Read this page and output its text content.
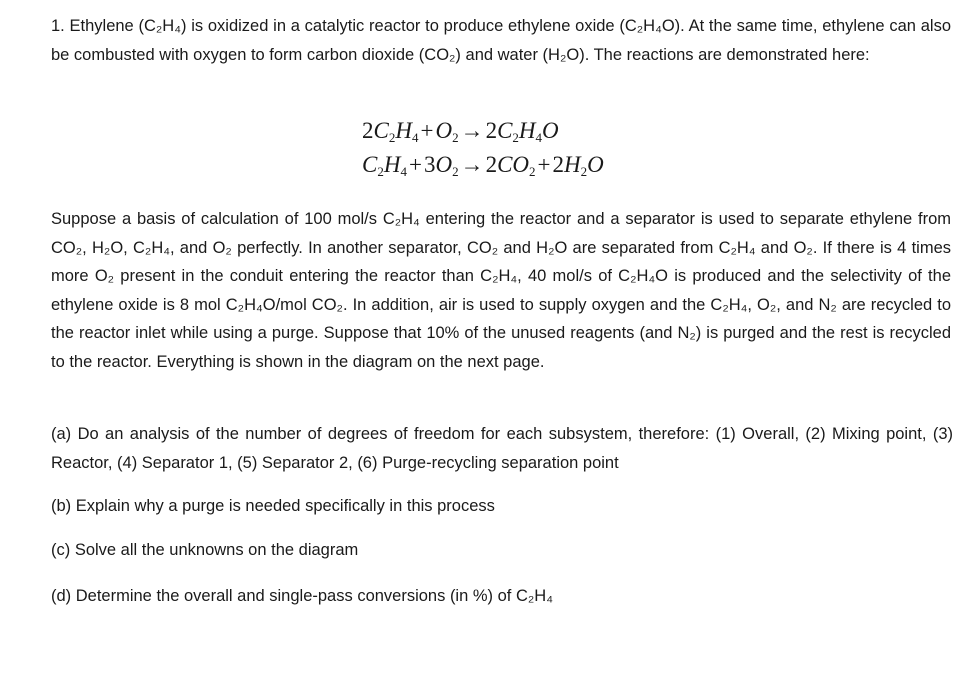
1. Ethylene (C₂H₄) is oxidized in a catalytic reactor to produce ethylene oxide (C₂H₄O). At the same time, ethylene can also be combusted with oxygen to form carbon dioxide (CO₂) and water (H₂O). The reactions are demonstrated here:

$2C_2H_4+O_2\to 2C_2H_4O$
$C_2H_4+3O_2\to 2CO_2+2H_2O$

Suppose a basis of calculation of 100 mol/s C₂H₄ entering the reactor and a separator is used to separate ethylene from CO₂, H₂O, C₂H₄, and O₂ perfectly. In another separator, CO₂ and H₂O are separated from C₂H₄ and O₂. If there is 4 times more O₂ present in the conduit entering the reactor than C₂H₄, 40 mol/s of C₂H₄O is produced and the selectivity of the ethylene oxide is 8 mol C₂H₄O/mol CO₂. In addition, air is used to supply oxygen and the C₂H₄, O₂, and N₂ are recycled to the reactor inlet while using a purge. Suppose that 10% of the unused reagents (and N₂) is purged and the rest is recycled to the reactor. Everything is shown in the diagram on the next page.

(a) Do an analysis of the number of degrees of freedom for each subsystem, therefore: (1) Overall, (2) Mixing point, (3) Reactor, (4) Separator 1, (5) Separator 2, (6) Purge-recycling separation point

(b) Explain why a purge is needed specifically in this process

(c) Solve all the unknowns on the diagram

(d) Determine the overall and single-pass conversions (in %) of C₂H₄
